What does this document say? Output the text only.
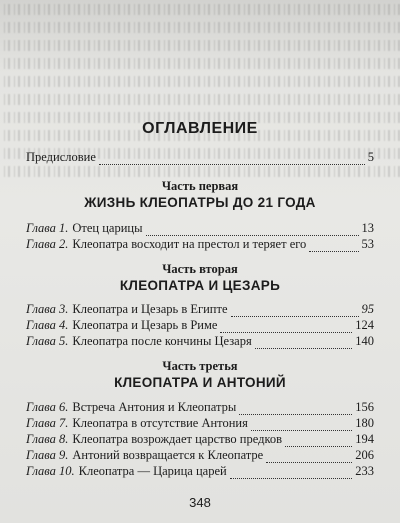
ОГЛАВЛЕНИЕ
Предисловие	5
Часть первая
ЖИЗНЬ КЛЕОПАТРЫ ДО 21 ГОДА
Глава 1. Отец царицы	13
Глава 2. Клеопатра восходит на престол и теряет его	53
Часть вторая
КЛЕОПАТРА И ЦЕЗАРЬ
Глава 3. Клеопатра и Цезарь в Египте	95
Глава 4. Клеопатра и Цезарь в Риме	124
Глава 5. Клеопатра после кончины Цезаря	140
Часть третья
КЛЕОПАТРА И АНТОНИЙ
Глава 6. Встреча Антония и Клеопатры	156
Глава 7. Клеопатра в отсутствие Антония	180
Глава 8. Клеопатра возрождает царство предков	194
Глава 9. Антоний возвращается к Клеопатре	206
Глава 10. Клеопатра — Царица царей	233
348
